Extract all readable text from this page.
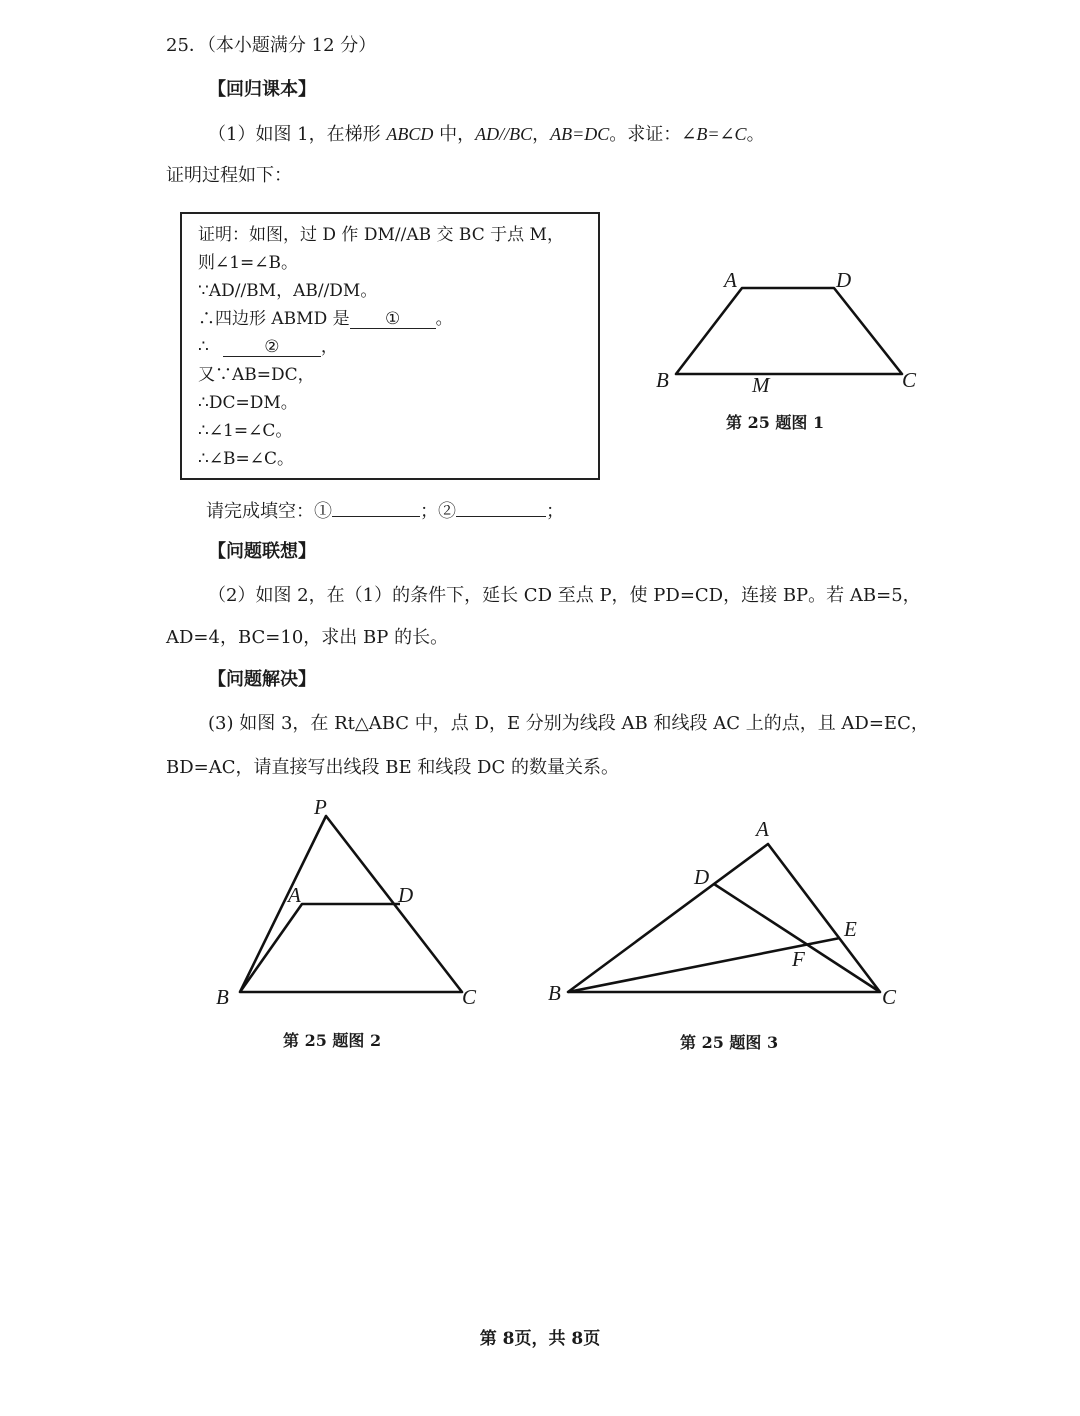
25．（本小题满分 12 分）
【回归课本】
（1）如图 1，在梯形 ABCD 中，AD//BC，AB=DC。求证：∠B=∠C。
证明过程如下：
证明：如图，过 D 作 DM//AB 交 BC 于点 M，
则∠1=∠B。
∵AD//BM，AB//DM。
∴四边形 ABMD 是 ① 。
∴	② ，
又∵AB=DC，
∴DC=DM。
∴∠1=∠C。
∴∠B=∠C。
A	D
B	M	C
第 25 题图 1
请完成填空：①	；②	；
【问题联想】
（2）如图 2，在（1）的条件下，延长 CD 至点 P，使 PD=CD，连接 BP。若 AB=5，
AD=4，BC=10，求出 BP 的长。
【问题解决】
(3) 如图 3，在 Rt△ABC 中，点 D，E 分别为线段 AB 和线段 AC 上的点，且 AD=EC，
BD=AC，请直接写出线段 BE 和线段 DC 的数量关系。
P
A	D
B	C
第 25 题图 2
A
D
E
F
B	C
第 25 题图 3
第 8页，共 8页
